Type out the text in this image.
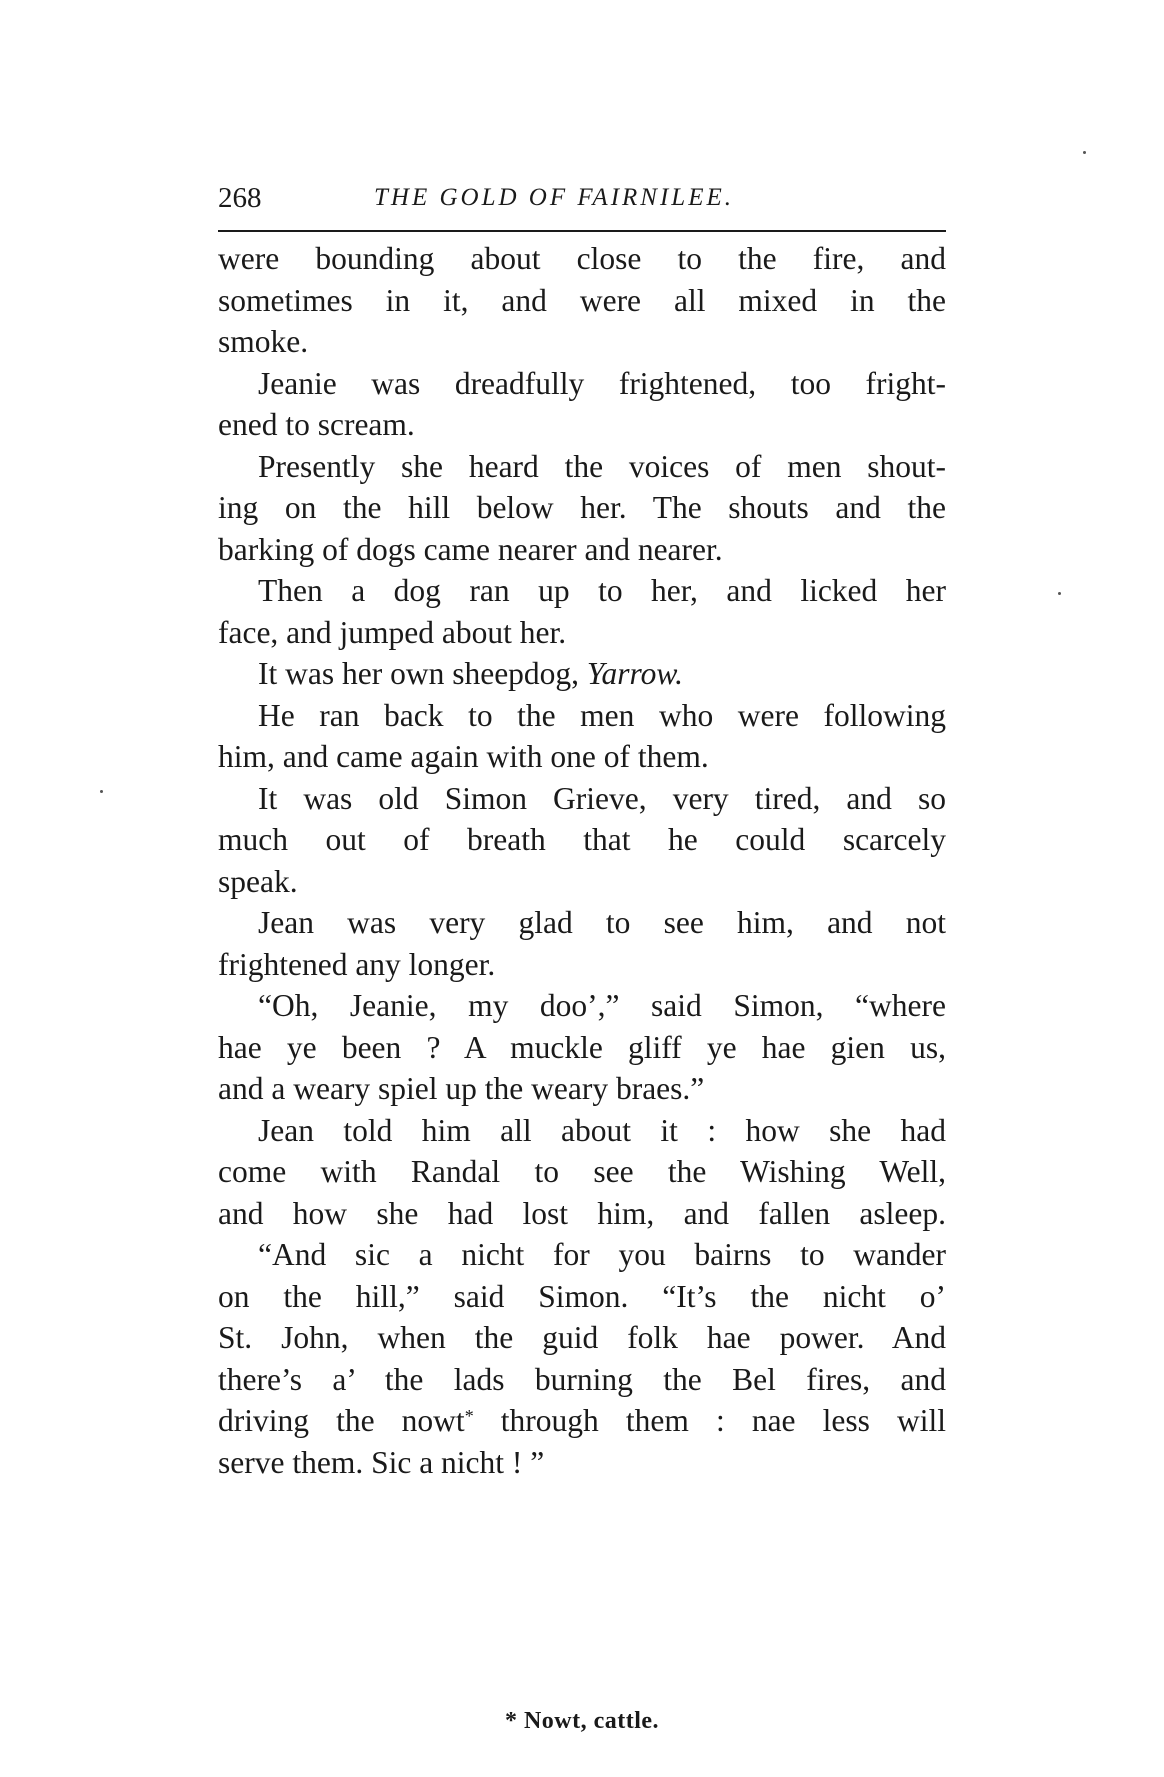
268	THE GOLD OF FAIRNILEE.
were bounding about close to the fire, and
sometimes in it, and were all mixed in the
smoke.
Jeanie was dreadfully frightened, too fright-
ened to scream.
Presently she heard the voices of men shout-
ing on the hill below her. The shouts and the
barking of dogs came nearer and nearer.
Then a dog ran up to her, and licked her
face, and jumped about her.
It was her own sheepdog, Yarrow.
He ran back to the men who were following
him, and came again with one of them.
It was old Simon Grieve, very tired, and so
much out of breath that he could scarcely
speak.
Jean was very glad to see him, and not
frightened any longer.
“Oh, Jeanie, my doo’,” said Simon, “where
hae ye been ? A muckle gliff ye hae gien us,
and a weary spiel up the weary braes.”
Jean told him all about it : how she had
come with Randal to see the Wishing Well,
and how she had lost him, and fallen asleep.
“And sic a nicht for you bairns to wander
on the hill,” said Simon. “It’s the nicht o’
St. John, when the guid folk hae power. And
there’s a’ the lads burning the Bel fires, and
driving the nowt* through them : nae less will
serve them. Sic a nicht ! ”
* Nowt, cattle.
